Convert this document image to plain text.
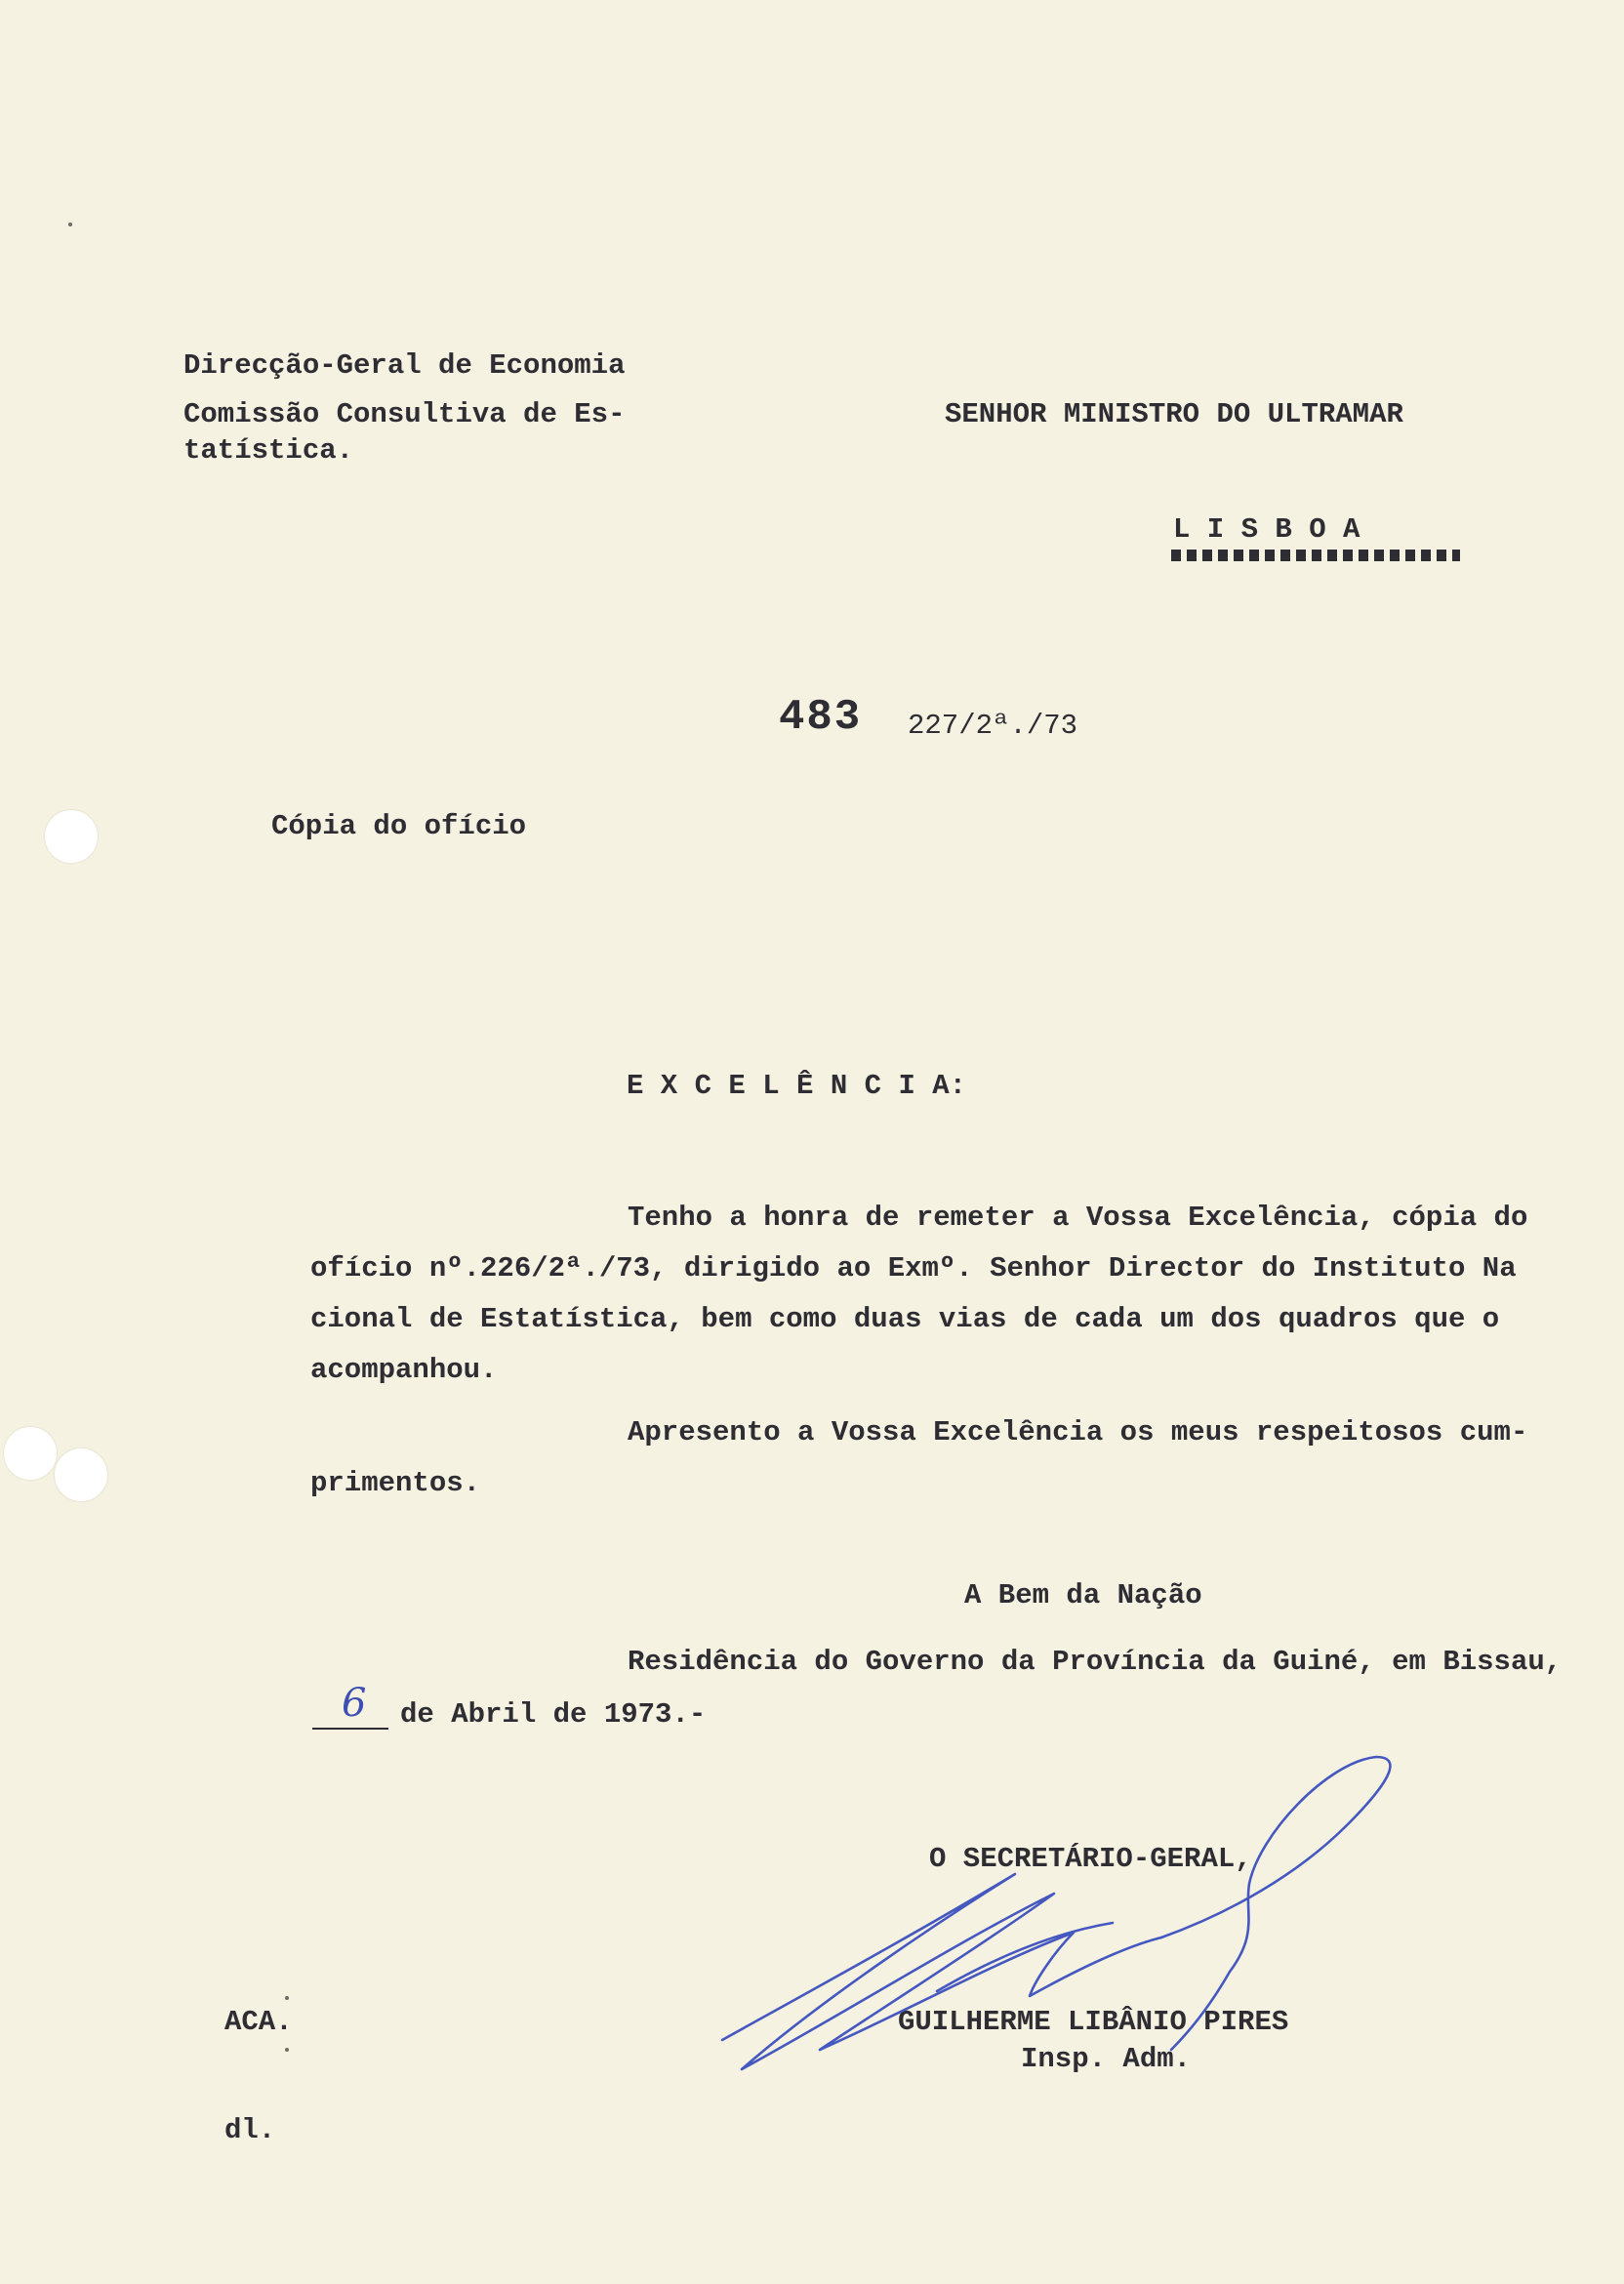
Direcção-Geral de Economia
Comissão Consultiva de Es-
tatística.
SENHOR MINISTRO DO ULTRAMAR
L I S B O A
483 227/2ª./73
Cópia do ofício
E X C E L Ê N C I A:
Tenho a honra de remeter a Vossa Excelência, cópia do
ofício nº.226/2ª./73, dirigido ao Exmº. Senhor Director do Instituto Na
cional de Estatística, bem como duas vias de cada um dos quadros que o
acompanhou.
Apresento a Vossa Excelência os meus respeitosos cum-
primentos.
A Bem da Nação
Residência do Governo da Província da Guiné, em Bissau,
6 de Abril de 1973.-
O SECRETÁRIO-GERAL,
GUILHERME LIBÂNIO PIRES
Insp. Adm.
ACA.
dl.
